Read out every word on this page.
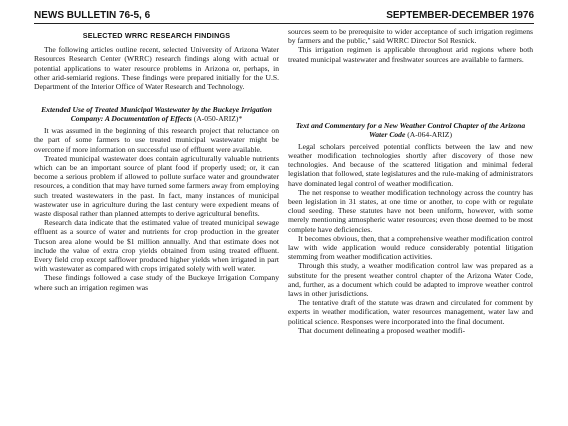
NEWS BULLETIN 76-5, 6	SEPTEMBER-DECEMBER 1976
SELECTED WRRC RESEARCH FINDINGS

The following articles outline recent, selected University of Arizona Water Resources Research Center (WRRC) research findings along with actual or potential applications to water resource problems in Arizona or, perhaps, in other arid-semiarid regions. These findings were prepared initially for the U.S. Department of the Interior Office of Water Research and Technology.

Extended Use of Treated Municipal Wastewater by the Buckeye Irrigation Company: A Documentation of Effects (A-050-ARIZ)*

It was assumed in the beginning of this research project that reluctance on the part of some farmers to use treated municipal wastewater might be overcome if more information on successful use of effluent were available.

Treated municipal wastewater does contain agriculturally valuable nutrients which can be an important source of plant food if properly used; or, it can become a serious problem if allowed to pollute surface water and groundwater resources, a condition that may have turned some farmers away from employing such treated wastewaters in the past. In fact, many instances of municipal wastewater use in agriculture during the last century were expedient means of waste disposal rather than planned attempts to derive agricultural benefits.

Research data indicate that the estimated value of treated municipal sewage effluent as a source of water and nutrients for crop production in the greater Tucson area alone would be $1 million annually. And that estimate does not include the value of extra crop yields obtained from using treated effluent. Every field crop except safflower produced higher yields when irrigated in part with wastewater as compared with crops irrigated solely with well water.

These findings followed a case study of the Buckeye Irrigation Company where such an irrigation regimen was

sources seem to be prerequisite to wider acceptance of such irrigation regimens by farmers and the public," said WRRC Director Sol Resnick.

This irrigation regimen is applicable throughout arid regions where both treated municipal wastewater and freshwater sources are available to farmers.

Text and Commentary for a New Weather Control Chapter of the Arizona Water Code (A-064-ARIZ)

Legal scholars perceived potential conflicts between the law and new weather modification technologies shortly after discovery of those new technologies. And because of the scattered litigation and minimal federal legislation that followed, state legislatures and the rule-making of administrators have dominated legal control of weather modification.

The net response to weather modification technology across the country has been legislation in 31 states, at one time or another, to cope with or regulate cloud seeding. These statutes have not been uniform, however, with some merely mentioning atmospheric water resources; even those deemed to be most complete have deficiencies.

It becomes obvious, then, that a comprehensive weather modification control law with wide application would reduce considerably potential litigation stemming from weather modification activities.

Through this study, a weather modification control law was prepared as a substitute for the present weather control chapter of the Arizona Water Code, and, further, as a document which could be adapted to improve weather control laws in other jurisdictions.

The tentative draft of the statute was drawn and circulated for comment by experts in weather modification, water resources management, water law and political science. Responses were incorporated into the final document.

That document delineating a proposed weather modifi-
